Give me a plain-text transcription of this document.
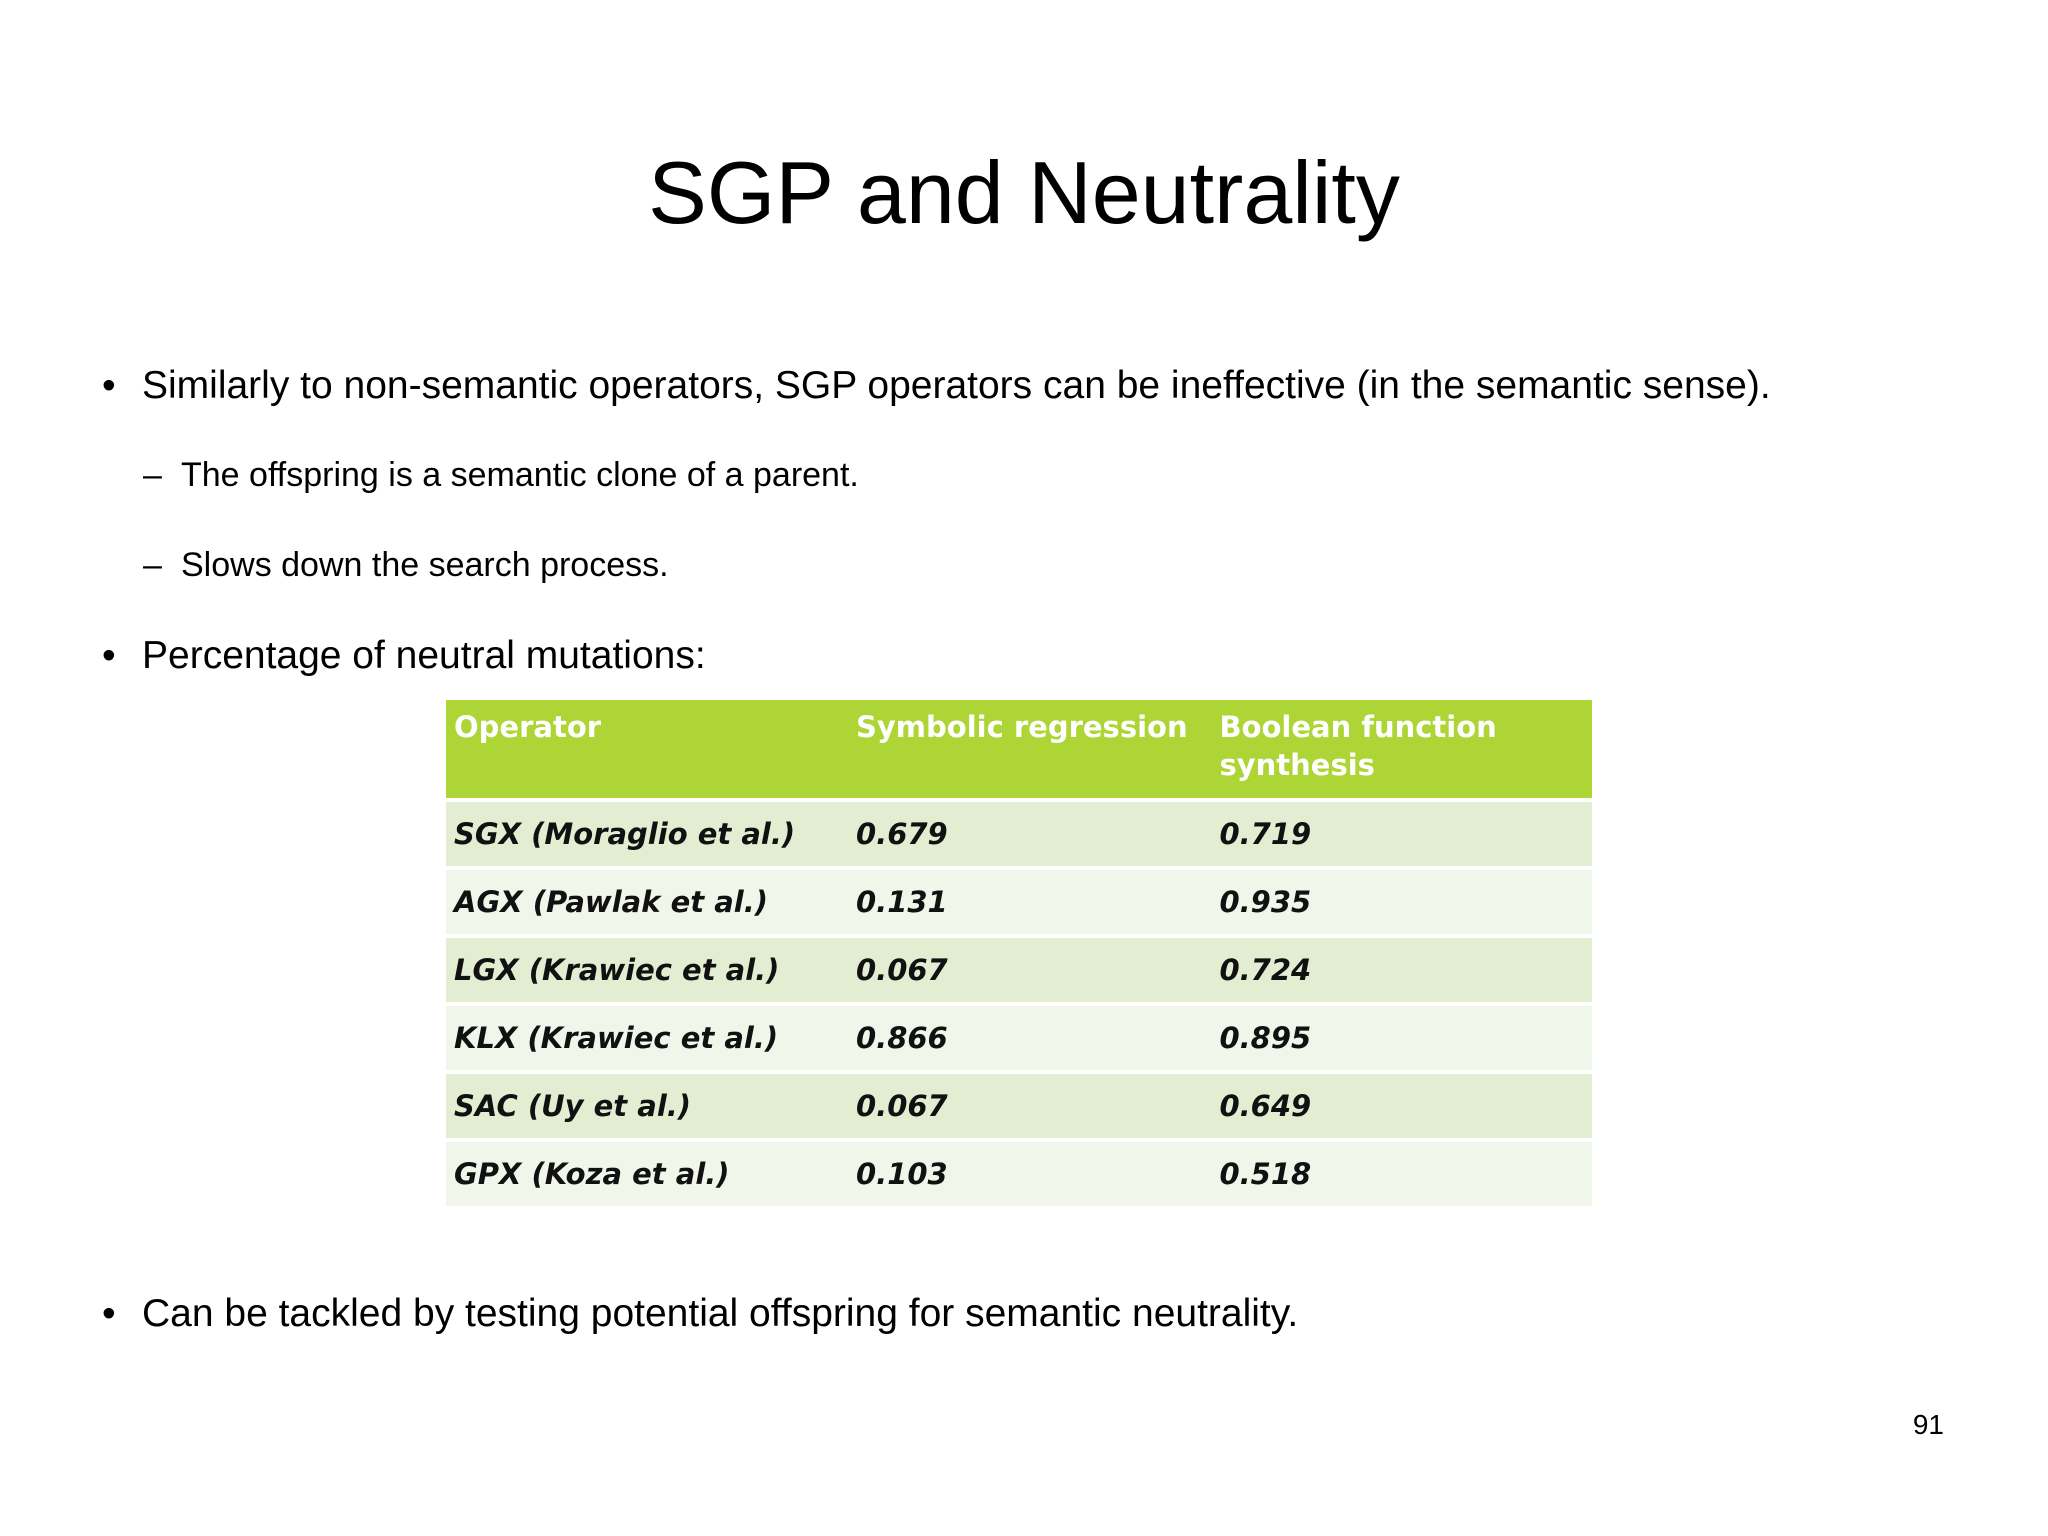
SGP and Neutrality
• Similarly to non-semantic operators, SGP operators can be ineffective (in the semantic sense).
– The offspring is a semantic clone of a parent.
– Slows down the search process.
• Percentage of neutral mutations:
Operator	Symbolic regression	Boolean function synthesis
SGX (Moraglio et al.)	0.679	0.719
AGX (Pawlak et al.)	0.131	0.935
LGX (Krawiec et al.)	0.067	0.724
KLX (Krawiec et al.)	0.866	0.895
SAC (Uy et al.)	0.067	0.649
GPX (Koza et al.)	0.103	0.518
• Can be tackled by testing potential offspring for semantic neutrality.
91
